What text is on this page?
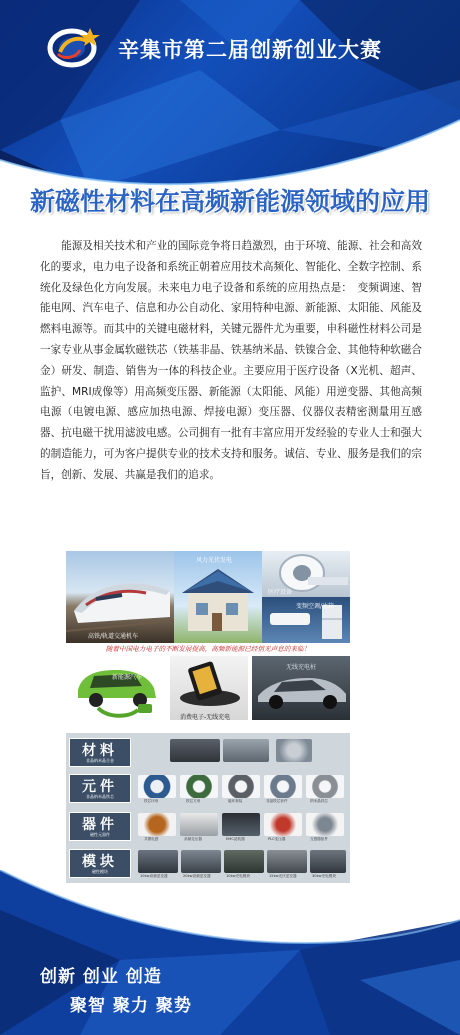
辛集市第二届创新创业大赛
新磁性材料在高频新能源领域的应用
能源及相关技术和产业的国际竞争将日趋激烈，由于环境、能源、社会和高效化的要求，电力电子设备和系统正朝着应用技术高频化、智能化、全数字控制、系统化及绿色化方向发展。未来电力电子设备和系统的应用热点是：　变频调速、智能电网、汽车电子、信息和办公自动化、家用特种电源、新能源、太阳能、风能及燃料电源等。而其中的关键电磁材料，关键元器件尤为重要，申科磁性材料公司是一家专业从事金属软磁铁芯（铁基非晶、铁基纳米晶、铁镍合金、其他特种软磁合金）研发、制造、销售为一体的科技企业。主要应用于医疗设备（X光机、超声、监护、MRI成像等）用高频变压器、新能源（太阳能、风能）用逆变器、其他高频电源（电镀电源、感应加热电源、焊接电源）变压器、仪器仪表精密测量用互感器、抗电磁干扰用滤波电感。公司拥有一批有丰富应用开发经验的专业人士和强大的制造能力，可为客户提供专业的技术支持和服务。诚信、专业、服务是我们的宗旨，创新、发展、共赢是我们的追求。
高铁/轨道交通机车
风力光伏发电
医疗设备
变频空调/冰箱
随着中国电力电子的不断发展提高，高频新能源已经悄无声息的来临！
新能源汽车
消费电子-无线充电
无线充电桩
材料
非晶纳米晶合金
元件
非晶纳米晶铁芯
铁芯环形	铁芯方形	磁环套装	非晶铁芯套件	纳米晶铁芯
器件
磁性元器件
共模电感	高频变压器	EMC滤波器	PLC变压器	互感器组件
模块
磁性模块
10kw高频逆变器	20kw高频逆变器	10kw充电模块	15kw光伏逆变器	30kw充电模块
创新 创业 创造
聚智 聚力 聚势
